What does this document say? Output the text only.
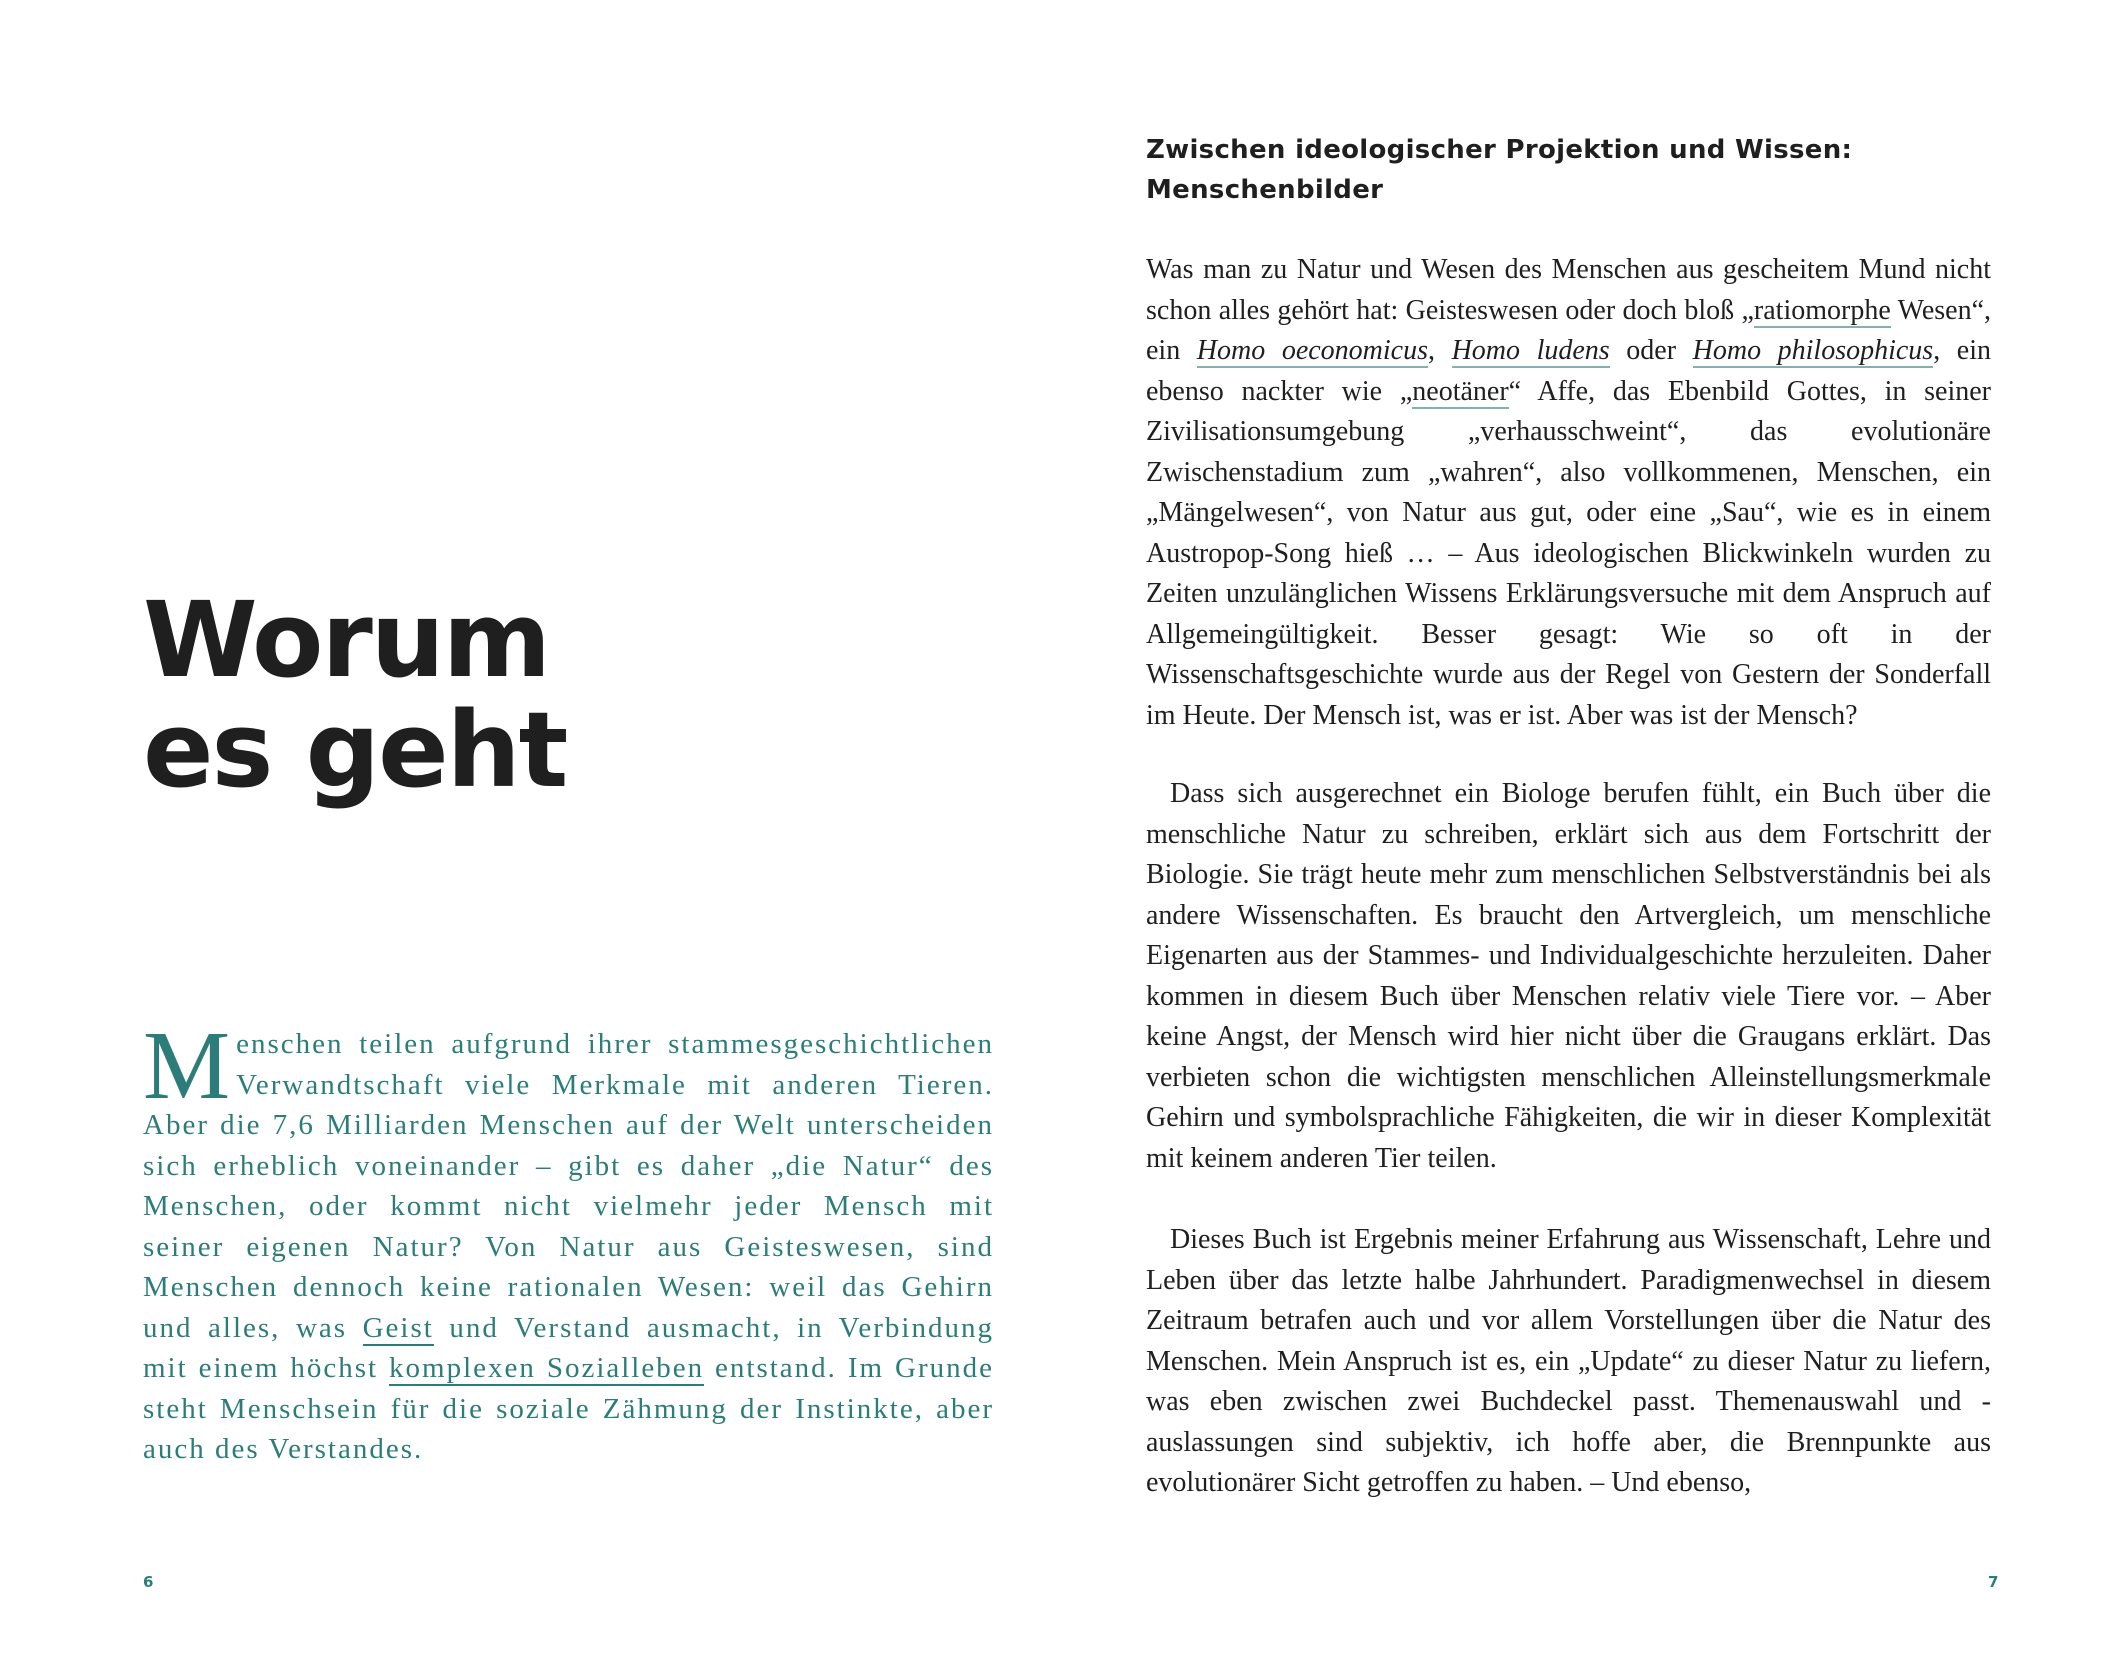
Worum
es geht

Menschen teilen aufgrund ihrer stammesgeschichtlichen Verwandtschaft viele Merkmale mit anderen Tieren. Aber die 7,6 Milliarden Menschen auf der Welt unterscheiden sich erheblich voneinander – gibt es daher „die Natur“ des Menschen, oder kommt nicht vielmehr jeder Mensch mit seiner eigenen Natur? Von Natur aus Geisteswesen, sind Menschen dennoch keine rationalen Wesen: weil das Gehirn und alles, was Geist und Verstand ausmacht, in Verbindung mit einem höchst komplexen Sozialleben entstand. Im Grunde steht Menschsein für die soziale Zähmung der Instinkte, aber auch des Verstandes.

6
Zwischen ideologischer Projektion und Wissen:
Menschenbilder

Was man zu Natur und Wesen des Menschen aus gescheitem Mund nicht schon alles gehört hat: Geisteswesen oder doch bloß „ratiomorphe Wesen“, ein Homo oeconomicus, Homo ludens oder Homo philosophicus, ein ebenso nackter wie „neotäner“ Affe, das Ebenbild Gottes, in seiner Zivilisationsumgebung „verhausschweint“, das evolutionäre Zwischenstadium zum „wahren“, also vollkommenen, Menschen, ein „Mängelwesen“, von Natur aus gut, oder eine „Sau“, wie es in einem Austropop-Song hieß … – Aus ideologischen Blickwinkeln wurden zu Zeiten unzulänglichen Wissens Erklärungsversuche mit dem Anspruch auf Allgemeingültigkeit. Besser gesagt: Wie so oft in der Wissenschaftsgeschichte wurde aus der Regel von Gestern der Sonderfall im Heute. Der Mensch ist, was er ist. Aber was ist der Mensch?

Dass sich ausgerechnet ein Biologe berufen fühlt, ein Buch über die menschliche Natur zu schreiben, erklärt sich aus dem Fortschritt der Biologie. Sie trägt heute mehr zum menschlichen Selbstverständnis bei als andere Wissenschaften. Es braucht den Artvergleich, um menschliche Eigenarten aus der Stammes- und Individualgeschichte herzuleiten. Daher kommen in diesem Buch über Menschen relativ viele Tiere vor. – Aber keine Angst, der Mensch wird hier nicht über die Graugans erklärt. Das verbieten schon die wichtigsten menschlichen Alleinstellungsmerkmale Gehirn und symbolsprachliche Fähigkeiten, die wir in dieser Komplexität mit keinem anderen Tier teilen.

Dieses Buch ist Ergebnis meiner Erfahrung aus Wissenschaft, Lehre und Leben über das letzte halbe Jahrhundert. Paradigmenwechsel in diesem Zeitraum betrafen auch und vor allem Vorstellungen über die Natur des Menschen. Mein Anspruch ist es, ein „Update“ zu dieser Natur zu liefern, was eben zwischen zwei Buchdeckel passt. Themenauswahl und -auslassungen sind subjektiv, ich hoffe aber, die Brennpunkte aus evolutionärer Sicht getroffen zu haben. – Und ebenso,

7
